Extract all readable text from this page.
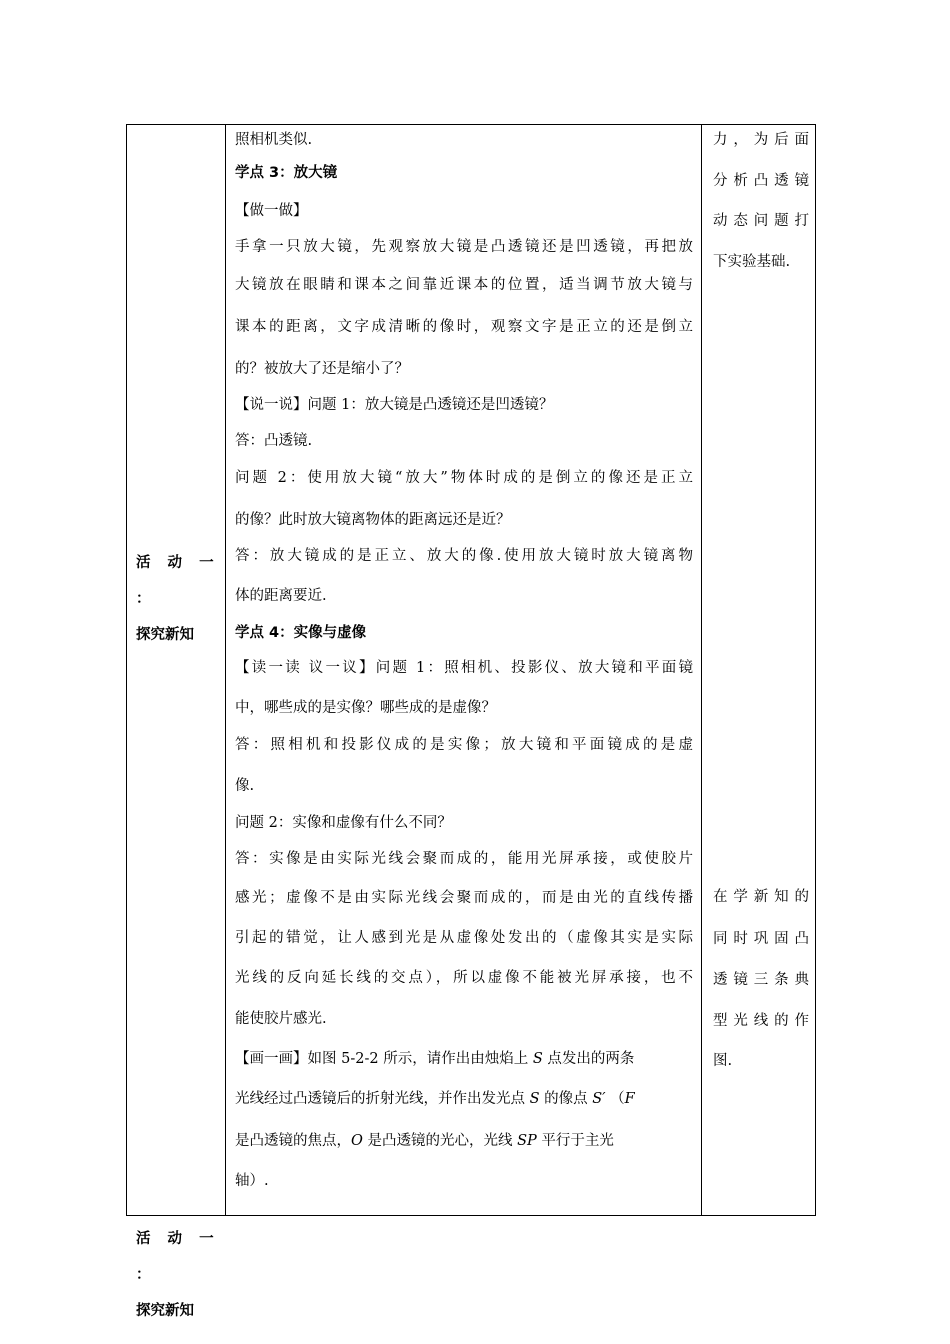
活 动 一 ：
探究新知
活 动 一 ：
探究新知
照相机类似.
学点 3：放大镜
【做一做】
手拿一只放大镜，先观察放大镜是凸透镜还是凹透镜，再把放
大镜放在眼睛和课本之间靠近课本的位置，适当调节放大镜与
课本的距离，文字成清晰的像时，观察文字是正立的还是倒立
的？被放大了还是缩小了？
【说一说】问题 1：放大镜是凸透镜还是凹透镜？
答：凸透镜.
问题 2：使用放大镜“放大”物体时成的是倒立的像还是正立
的像？此时放大镜离物体的距离远还是近？
答：放大镜成的是正立、放大的像.使用放大镜时放大镜离物
体的距离要近.
学点 4：实像与虚像
【读一读 议一议】问题 1：照相机、投影仪、放大镜和平面镜
中，哪些成的是实像？哪些成的是虚像？
答：照相机和投影仪成的是实像；放大镜和平面镜成的是虚
像.
问题 2：实像和虚像有什么不同？
答：实像是由实际光线会聚而成的，能用光屏承接，或使胶片
感光；虚像不是由实际光线会聚而成的，而是由光的直线传播
引起的错觉，让人感到光是从虚像处发出的（虚像其实是实际
光线的反向延长线的交点），所以虚像不能被光屏承接，也不
能使胶片感光.
【画一画】如图 5-2-2 所示，请作出由烛焰上 S 点发出的两条
光线经过凸透镜后的折射光线，并作出发光点 S 的像点 S′ （F
是凸透镜的焦点，O 是凸透镜的光心，光线 SP 平行于主光
轴）.
力，为后面
分析凸透镜
动态问题打
下实验基础.
在学新知的
同时巩固凸
透镜三条典
型光线的作
图.
